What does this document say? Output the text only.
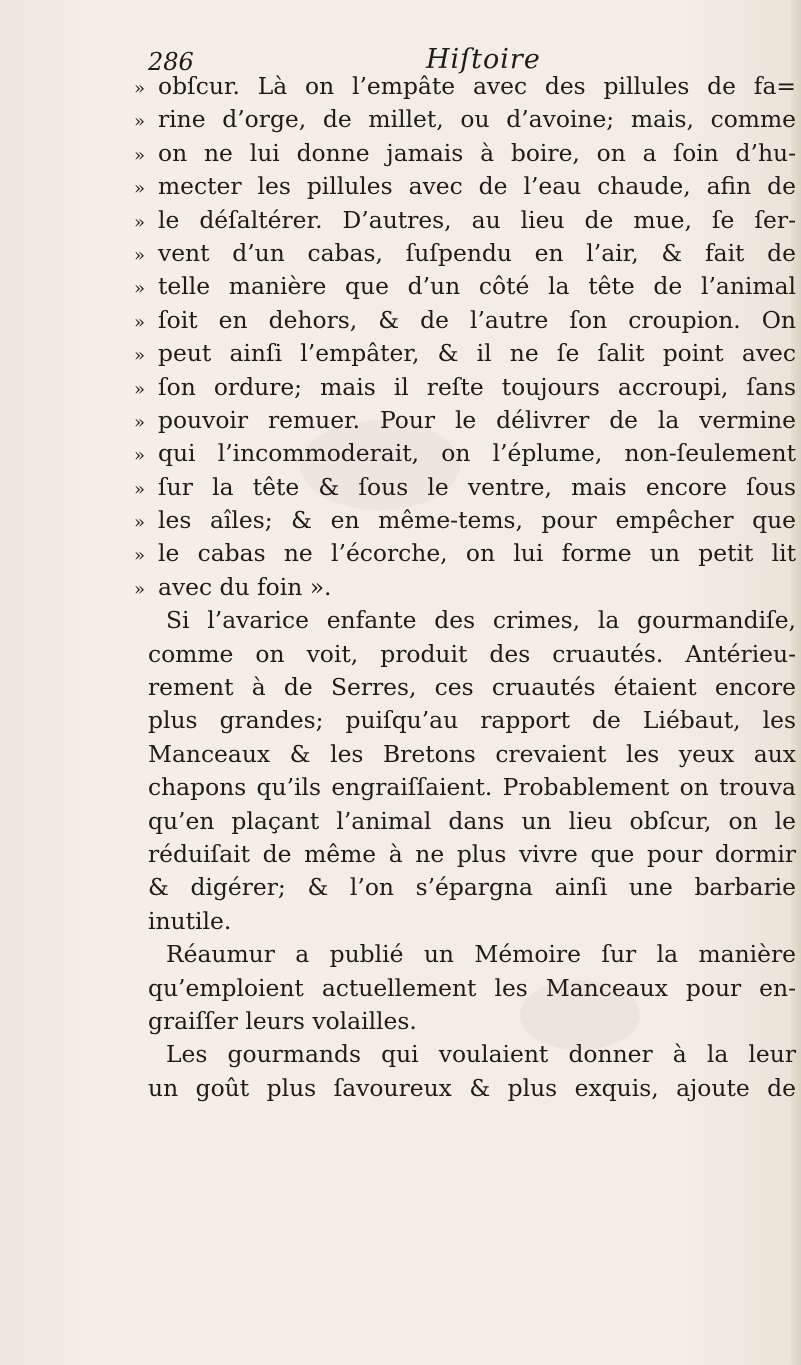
286	Hiſtoire
» obſcur. Là on l’empâte avec des pillules de fa=
» rine d’orge, de millet, ou d’avoine; mais, comme
» on ne lui donne jamais à boire, on a ſoin d’hu-
» mecter les pillules avec de l’eau chaude, afin de
» le déſaltérer. D’autres, au lieu de mue, ſe ſer-
» vent d’un cabas, ſuſpendu en l’air, & fait de
» telle manière que d’un côté la tête de l’animal
» ſoit en dehors, & de l’autre ſon croupion. On
» peut ainſi l’empâter, & il ne ſe ſalit point avec
» ſon ordure; mais il reſte toujours accroupi, ſans
» pouvoir remuer. Pour le délivrer de la vermine
» qui l’incommoderait, on l’éplume, non-ſeulement
» ſur la tête & ſous le ventre, mais encore ſous
» les aîles; & en même-tems, pour empêcher que
» le cabas ne l’écorche, on lui forme un petit lit
» avec du foin ».
Si l’avarice enfante des crimes, la gourmandiſe,
comme on voit, produit des cruautés. Antérieu-
rement à de Serres, ces cruautés étaient encore
plus grandes; puiſqu’au rapport de Liébaut, les
Manceaux & les Bretons crevaient les yeux aux
chapons qu’ils engraiſſaient. Probablement on trouva
qu’en plaçant l’animal dans un lieu obſcur, on le
réduiſait de même à ne plus vivre que pour dormir
& digérer; & l’on s’épargna ainſi une barbarie
inutile.
Réaumur a publié un Mémoire ſur la manière
qu’emploient actuellement les Manceaux pour en-
graiſſer leurs volailles.
Les gourmands qui voulaient donner à la leur
un goût plus ſavoureux & plus exquis, ajoute de
